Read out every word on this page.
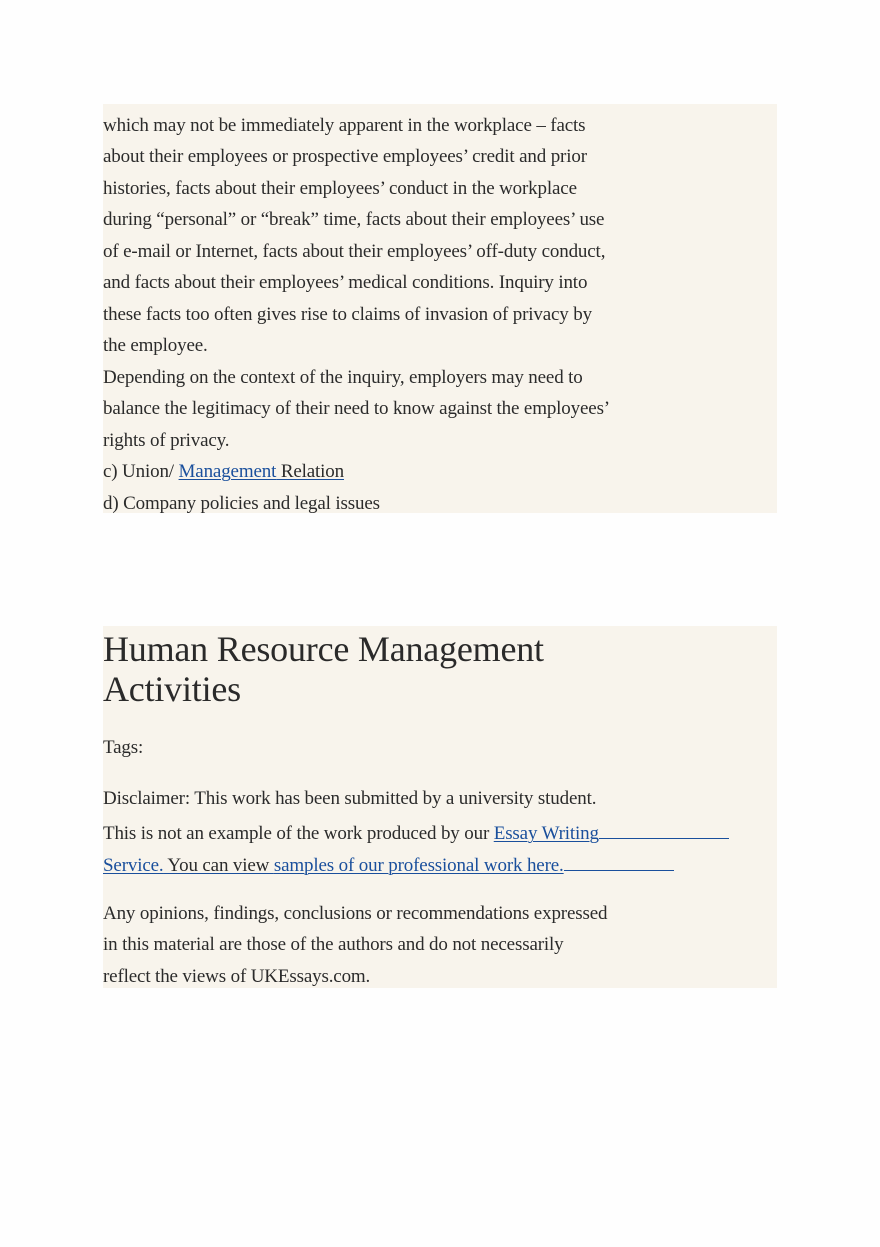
which may not be immediately apparent in the workplace – facts
about their employees or prospective employees’ credit and prior
histories, facts about their employees’ conduct in the workplace
during “personal” or “break” time, facts about their employees’ use
of e-mail or Internet, facts about their employees’ off-duty conduct,
and facts about their employees’ medical conditions. Inquiry into
these facts too often gives rise to claims of invasion of privacy by
the employee.
Depending on the context of the inquiry, employers may need to
balance the legitimacy of their need to know against the employees’
rights of privacy.
c) Union/ Management Relation
d) Company policies and legal issues
Human Resource Management
Activities
Tags:
Disclaimer: This work has been submitted by a university student.
This is not an example of the work produced by our Essay Writing
Service. You can view samples of our professional work here.
Any opinions, findings, conclusions or recommendations expressed
in this material are those of the authors and do not necessarily
reflect the views of UKEssays.com.
